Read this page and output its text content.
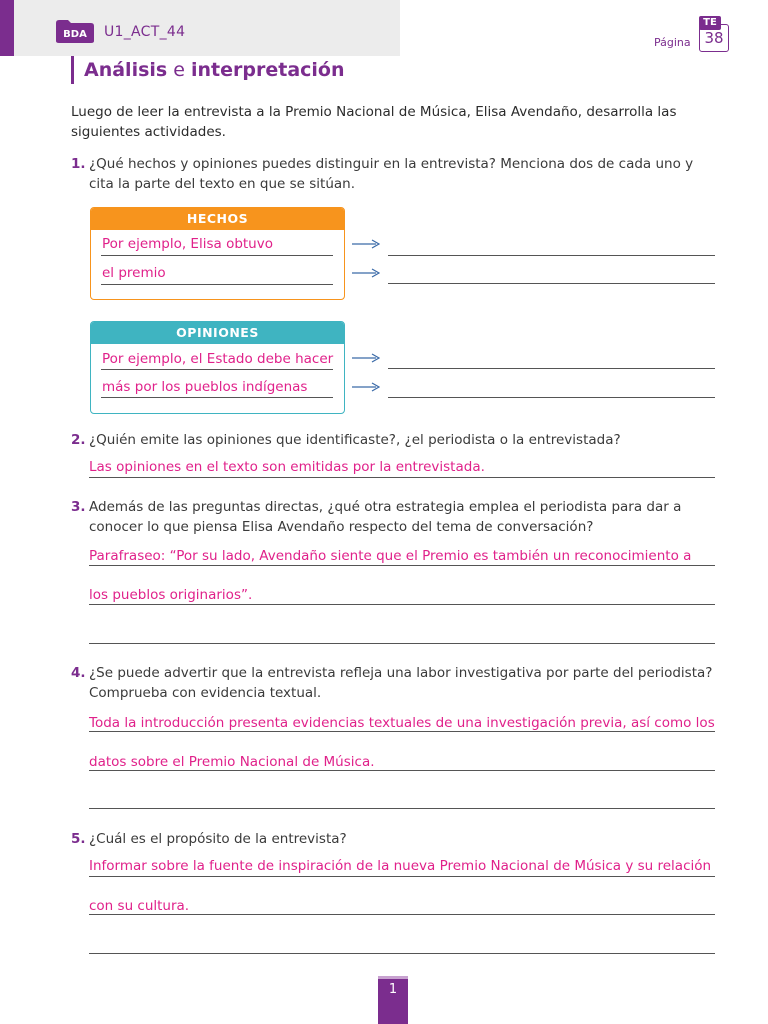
BDA U1_ACT_44
Página
TE
38
Análisis e interpretación
Luego de leer la entrevista a la Premio Nacional de Música, Elisa Avendaño, desarrolla las siguientes actividades.
1. ¿Qué hechos y opiniones puedes distinguir en la entrevista? Menciona dos de cada uno y cita la parte del texto en que se sitúan.
HECHOS
Por ejemplo, Elisa obtuvo
el premio
OPINIONES
Por ejemplo, el Estado debe hacer
más por los pueblos indígenas
2. ¿Quién emite las opiniones que identificaste?, ¿el periodista o la entrevistada?
Las opiniones en el texto son emitidas por la entrevistada.
3. Además de las preguntas directas, ¿qué otra estrategia emplea el periodista para dar a conocer lo que piensa Elisa Avendaño respecto del tema de conversación?
Parafraseo: “Por su lado, Avendaño siente que el Premio es también un reconocimiento a
los pueblos originarios”.
4. ¿Se puede advertir que la entrevista refleja una labor investigativa por parte del periodista? Comprueba con evidencia textual.
Toda la introducción presenta evidencias textuales de una investigación previa, así como los
datos sobre el Premio Nacional de Música.
5. ¿Cuál es el propósito de la entrevista?
Informar sobre la fuente de inspiración de la nueva Premio Nacional de Música y su relación
con su cultura.
1
